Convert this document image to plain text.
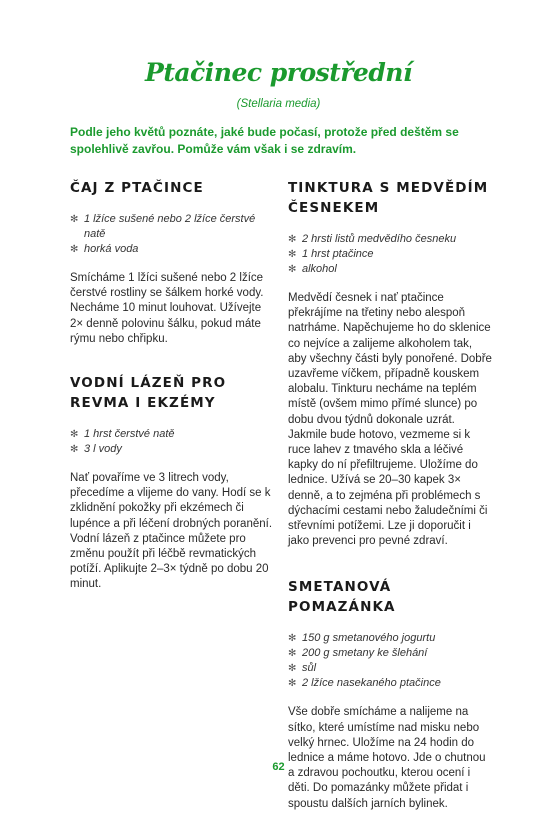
Ptačinec prostřední
(Stellaria media)
Podle jeho květů poznáte, jaké bude počasí, protože před deštěm se spolehlivě zavřou. Pomůže vám však i se zdravím.
ČAJ Z PTAČINCE
✻ 1 lžíce sušené nebo 2 lžíce čerstvé natě
✻ horká voda

Smícháme 1 lžíci sušené nebo 2 lžíce čerstvé rostliny se šálkem horké vody. Necháme 10 minut louhovat. Užívejte 2× denně polovinu šálku, pokud máte rýmu nebo chřipku.

VODNÍ LÁZEŇ PRO REVMA I EKZÉMY
✻ 1 hrst čerstvé natě
✻ 3 l vody

Nať povaříme ve 3 litrech vody, přecedíme a vlijeme do vany. Hodí se k zklidnění pokožky při ekzémech či lupénce a při léčení drobných poranění. Vodní lázeň z ptačince můžete pro změnu použít při léčbě revmatických potíží. Aplikujte 2–3× týdně po dobu 20 minut.

TINKTURA S MEDVĚDÍM ČESNEKEM
✻ 2 hrsti listů medvědího česneku
✻ 1 hrst ptačince
✻ alkohol

Medvědí česnek i nať ptačince překrájíme na třetiny nebo alespoň natrháme. Napěchujeme ho do sklenice co nejvíce a zalijeme alkoholem tak, aby všechny části byly ponořené. Dobře uzavřeme víčkem, případně kouskem alobalu. Tinkturu necháme na teplém místě (ovšem mimo přímé slunce) po dobu dvou týdnů dokonale uzrát. Jakmile bude hotovo, vezmeme si k ruce lahev z tmavého skla a léčivé kapky do ní přefiltrujeme. Uložíme do lednice. Užívá se 20–30 kapek 3× denně, a to zejména při problémech s dýchacími cestami nebo žaludečními či střevními potížemi. Lze ji doporučit i jako prevenci pro pevné zdraví.

SMETANOVÁ POMAZÁNKA
✻ 150 g smetanového jogurtu
✻ 200 g smetany ke šlehání
✻ sůl
✻ 2 lžíce nasekaného ptačince

Vše dobře smícháme a nalijeme na sítko, které umístíme nad misku nebo velký hrnec. Uložíme na 24 hodin do lednice a máme hotovo. Jde o chutnou a zdravou pochoutku, kterou ocení i děti. Do pomazánky můžete přidat i spoustu dalších jarních bylinek.

62
